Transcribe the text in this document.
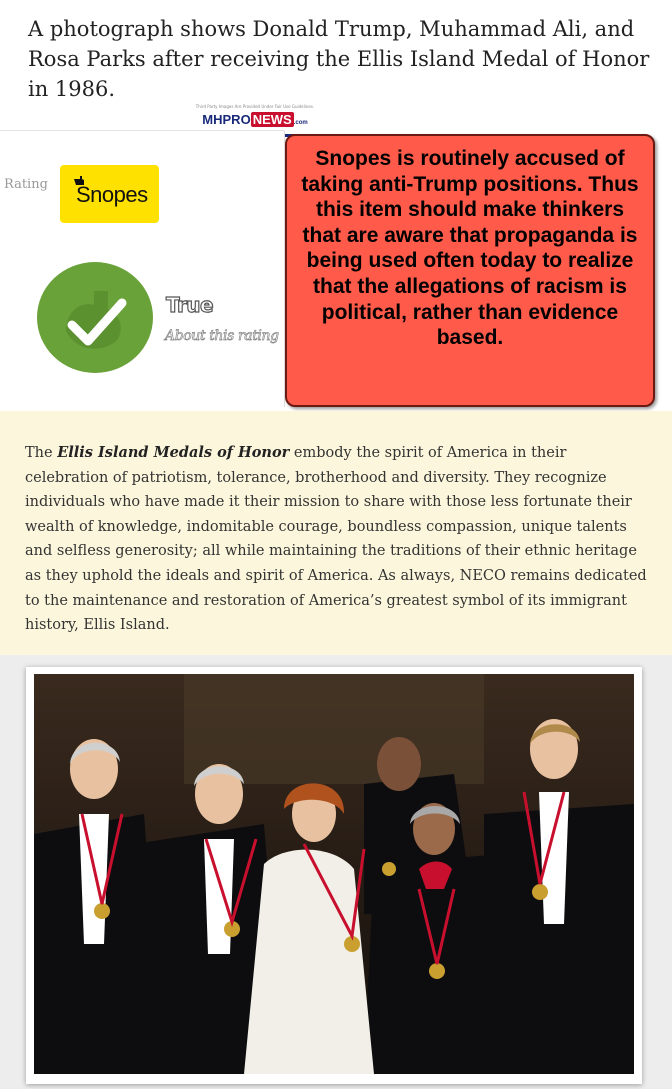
A photograph shows Donald Trump, Muhammad Ali, and Rosa Parks after receiving the Ellis Island Medal of Honor in 1986.
Third Party Images Are Provided Under Fair Use Guidelines.
MHPRO NEWS .com
Rating Snopes
True
About this rating
Snopes is routinely accused of taking anti-Trump positions. Thus this item should make thinkers that are aware that propaganda is being used often today to realize that the allegations of racism is political, rather than evidence based.
The Ellis Island Medals of Honor embody the spirit of America in their celebration of patriotism, tolerance, brotherhood and diversity. They recognize individuals who have made it their mission to share with those less fortunate their wealth of knowledge, indomitable courage, boundless compassion, unique talents and selfless generosity; all while maintaining the traditions of their ethnic heritage as they uphold the ideals and spirit of America. As always, NECO remains dedicated to the maintenance and restoration of America’s greatest symbol of its immigrant history, Ellis Island.
